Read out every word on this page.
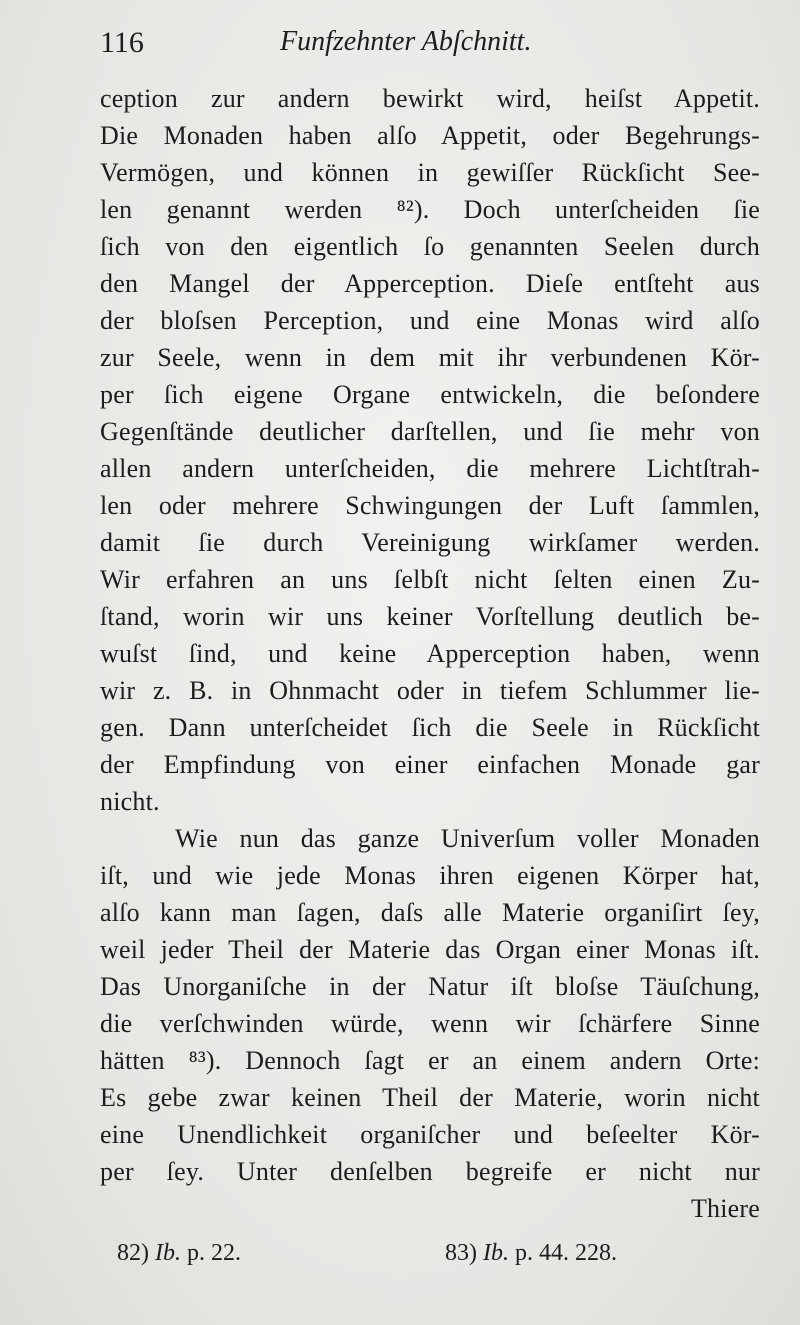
116	Funfzehnter Abſchnitt.
ception zur andern bewirkt wird, heiſst Appetit.
Die Monaden haben alſo Appetit, oder Begehrungs-
Vermögen, und können in gewiſſer Rückſicht See-
len genannt werden ⁸²). Doch unterſcheiden ſie
ſich von den eigentlich ſo genannten Seelen durch
den Mangel der Apperception. Dieſe entſteht aus
der bloſsen Perception, und eine Monas wird alſo
zur Seele, wenn in dem mit ihr verbundenen Kör-
per ſich eigene Organe entwickeln, die beſondere
Gegenſtände deutlicher darſtellen, und ſie mehr von
allen andern unterſcheiden, die mehrere Lichtſtrah-
len oder mehrere Schwingungen der Luft ſammlen,
damit ſie durch Vereinigung wirkſamer werden.
Wir erfahren an uns ſelbſt nicht ſelten einen Zu-
ſtand, worin wir uns keiner Vorſtellung deutlich be-
wuſst ſind, und keine Apperception haben, wenn
wir z. B. in Ohnmacht oder in tiefem Schlummer lie-
gen. Dann unterſcheidet ſich die Seele in Rückſicht
der Empfindung von einer einfachen Monade gar
nicht.
Wie nun das ganze Univerſum voller Monaden
iſt, und wie jede Monas ihren eigenen Körper hat,
alſo kann man ſagen, daſs alle Materie organiſirt ſey,
weil jeder Theil der Materie das Organ einer Monas iſt.
Das Unorganiſche in der Natur iſt bloſse Täuſchung,
die verſchwinden würde, wenn wir ſchärfere Sinne
hätten ⁸³). Dennoch ſagt er an einem andern Orte:
Es gebe zwar keinen Theil der Materie, worin nicht
eine Unendlichkeit organiſcher und beſeelter Kör-
per ſey. Unter denſelben begreife er nicht nur
Thiere
82) Ib. p. 22.	83) Ib. p. 44. 228.
